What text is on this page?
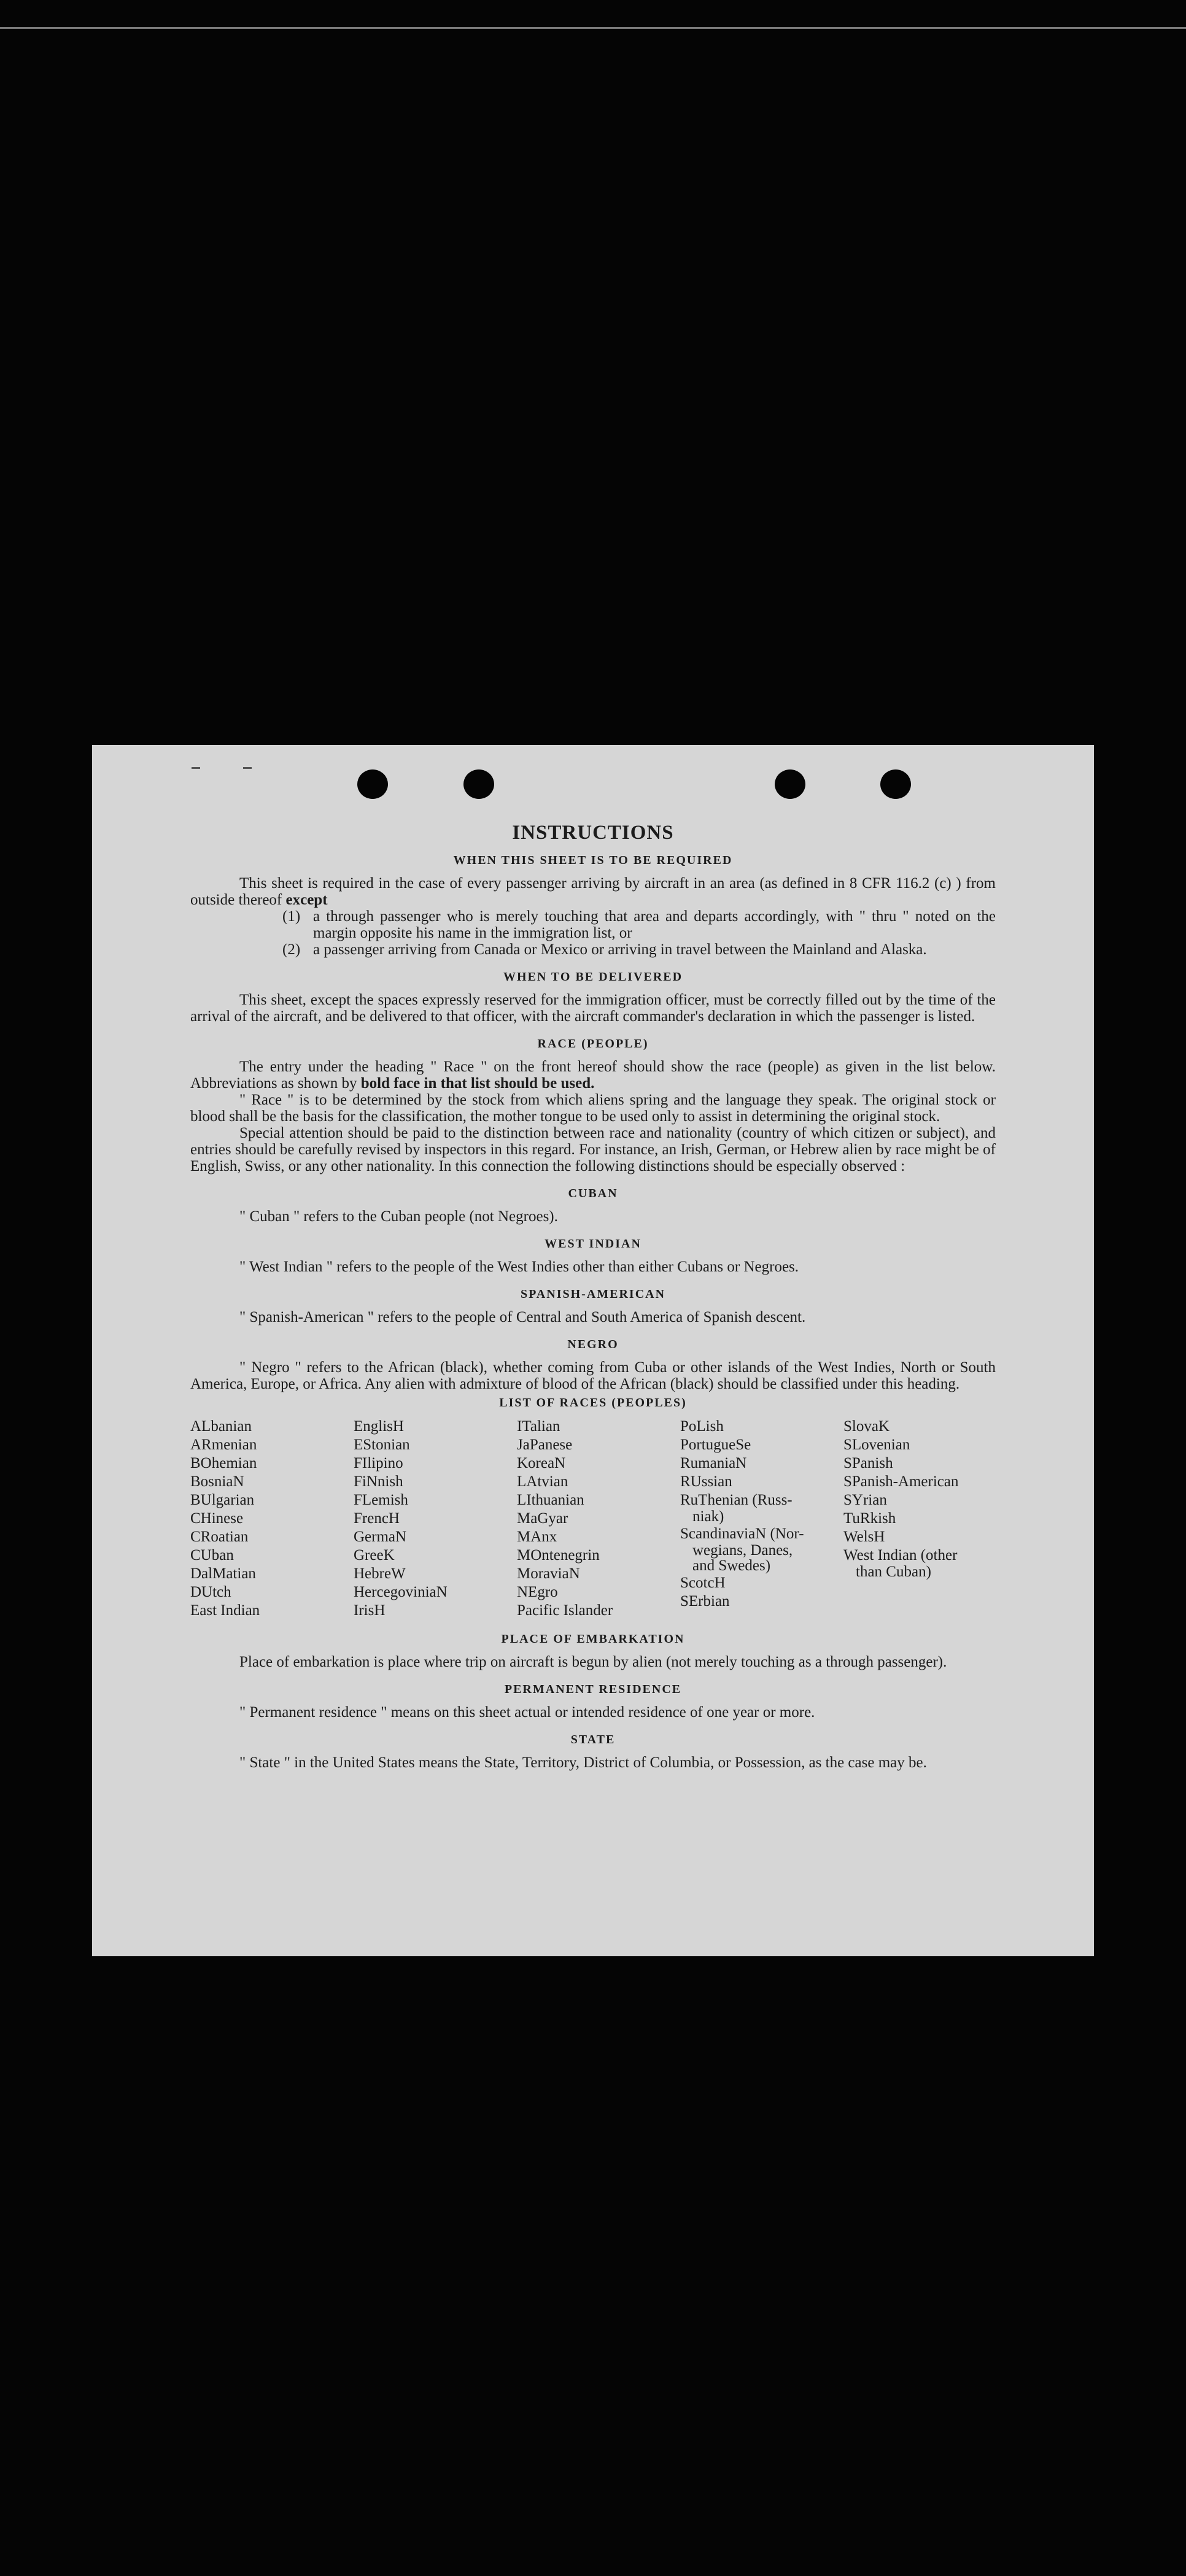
INSTRUCTIONS
WHEN THIS SHEET IS TO BE REQUIRED

This sheet is required in the case of every passenger arriving by aircraft in an area (as defined in 8 CFR 116.2 (c) ) from outside thereof except

(1) a through passenger who is merely touching that area and departs accordingly, with " thru " noted on the margin opposite his name in the immigration list, or
(2) a passenger arriving from Canada or Mexico or arriving in travel between the Mainland and Alaska.
WHEN TO BE DELIVERED

This sheet, except the spaces expressly reserved for the immigration officer, must be correctly filled out by the time of the arrival of the aircraft, and be delivered to that officer, with the aircraft commander's declaration in which the passenger is listed.

RACE (PEOPLE)

The entry under the heading " Race " on the front hereof should show the race (people) as given in the list below. Abbreviations as shown by bold face in that list should be used.

" Race " is to be determined by the stock from which aliens spring and the language they speak. The original stock or blood shall be the basis for the classification, the mother tongue to be used only to assist in determining the original stock.

Special attention should be paid to the distinction between race and nationality (country of which citizen or subject), and entries should be carefully revised by inspectors in this regard. For instance, an Irish, German, or Hebrew alien by race might be of English, Swiss, or any other nationality. In this connection the following distinctions should be especially observed :

CUBAN

" Cuban " refers to the Cuban people (not Negroes).

WEST INDIAN

" West Indian " refers to the people of the West Indies other than either Cubans or Negroes.

SPANISH-AMERICAN

" Spanish-American " refers to the people of Central and South America of Spanish descent.

NEGRO

" Negro " refers to the African (black), whether coming from Cuba or other islands of the West Indies, North or South America, Europe, or Africa. Any alien with admixture of blood of the African (black) should be classified under this heading.

LIST OF RACES (PEOPLES)
ALbanian
ARmenian
BOhemian
BosniaN
BUlgarian
CHinese
CRoatian
CUban
DalMatian
DUtch
East Indian
EnglisH
EStonian
FIlipino
FiNnish
FLemish
FrencH
GermaN
GreeK
HebreW
HercegoviniaN
IrisH
ITalian
JaPanese
KoreaN
LAtvian
LIthuanian
MaGyar
MAnx
MOntenegrin
MoraviaN
NEgro
Pacific Islander
PoLish
PortugueSe
RumaniaN
RUssian
RuThenian (Russ-
niak)
ScandinaviaN (Nor-
wegians, Danes,
and Swedes)
ScotcH
SErbian
SlovaK
SLovenian
SPanish
SPanish-American
SYrian
TuRkish
WelsH
West Indian (other
than Cuban)
PLACE OF EMBARKATION

Place of embarkation is place where trip on aircraft is begun by alien (not merely touching as a through passenger).

PERMANENT RESIDENCE

" Permanent residence " means on this sheet actual or intended residence of one year or more.

STATE

" State " in the United States means the State, Territory, District of Columbia, or Possession, as the case may be.
